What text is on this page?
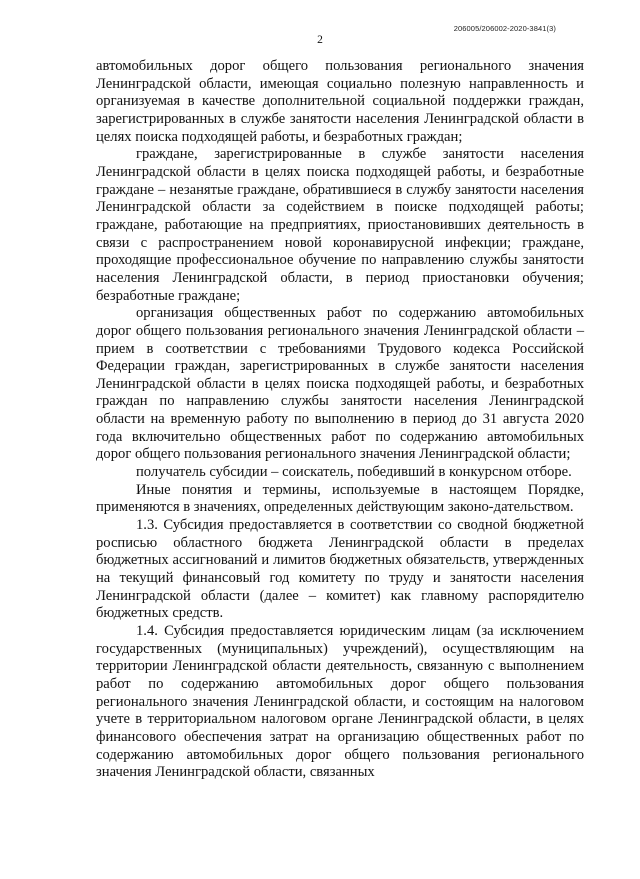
206005/206002-2020-3841(3)
2

автомобильных дорог общего пользования регионального значения Ленинградской области, имеющая социально полезную направленность и организуемая в качестве дополнительной социальной поддержки граждан, зарегистрированных в службе занятости населения Ленинградской области в целях поиска подходящей работы, и безработных граждан;

граждане, зарегистрированные в службе занятости населения Ленинградской области в целях поиска подходящей работы, и безработные граждане – незанятые граждане, обратившиеся в службу занятости населения Ленинградской области за содействием в поиске подходящей работы; граждане, работающие на предприятиях, приостановивших деятельность в связи с распространением новой коронавирусной инфекции; граждане, проходящие профессиональное обучение по направлению службы занятости населения Ленинградской области, в период приостановки обучения; безработные граждане;

организация общественных работ по содержанию автомобильных дорог общего пользования регионального значения Ленинградской области – прием в соответствии с требованиями Трудового кодекса Российской Федерации граждан, зарегистрированных в службе занятости населения Ленинградской области в целях поиска подходящей работы, и безработных граждан по направлению службы занятости населения Ленинградской области на временную работу по выполнению в период до 31 августа 2020 года включительно общественных работ по содержанию автомобильных дорог общего пользования регионального значения Ленинградской области;

получатель субсидии – соискатель, победивший в конкурсном отборе.

Иные понятия и термины, используемые в настоящем Порядке, применяются в значениях, определенных действующим законо-дательством.

1.3. Субсидия предоставляется в соответствии со сводной бюджетной росписью областного бюджета Ленинградской области в пределах бюджетных ассигнований и лимитов бюджетных обязательств, утвержденных на текущий финансовый год комитету по труду и занятости населения Ленинградской области (далее – комитет) как главному распорядителю бюджетных средств.

1.4. Субсидия предоставляется юридическим лицам (за исключением государственных (муниципальных) учреждений), осуществляющим на территории Ленинградской области деятельность, связанную с выполнением работ по содержанию автомобильных дорог общего пользования регионального значения Ленинградской области, и состоящим на налоговом учете в территориальном налоговом органе Ленинградской области, в целях финансового обеспечения затрат на организацию общественных работ по содержанию автомобильных дорог общего пользования регионального значения Ленинградской области, связанных
